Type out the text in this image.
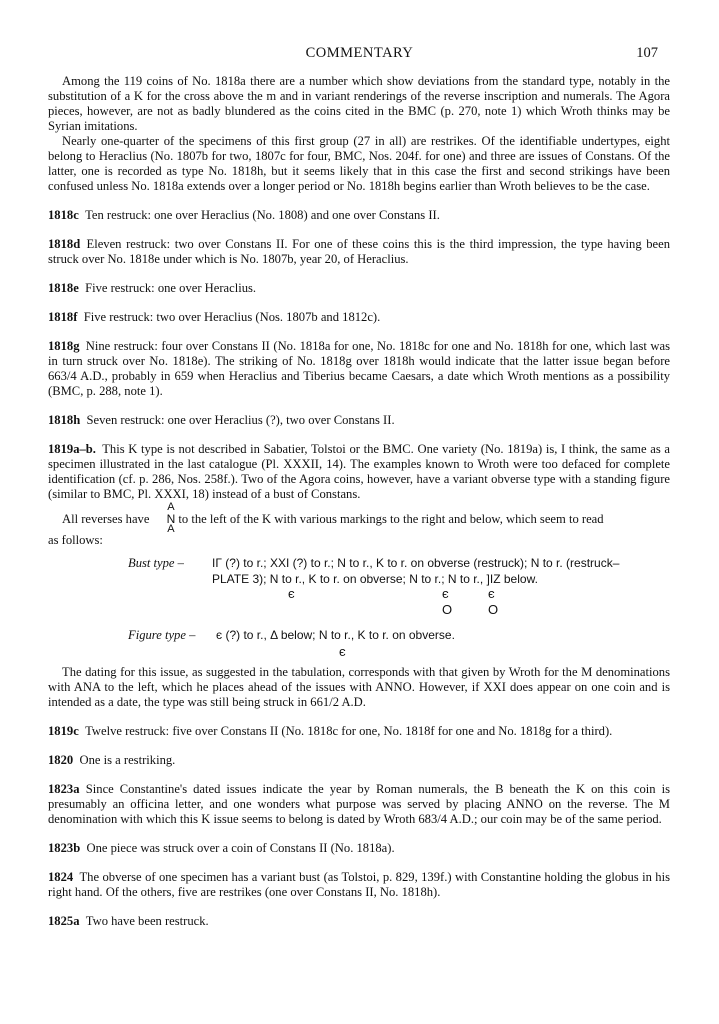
COMMENTARY	107

Among the 119 coins of No. 1818a there are a number which show deviations from the standard type, notably in the substitution of a K for the cross above the m and in variant renderings of the reverse inscription and numerals. The Agora pieces, however, are not as badly blundered as the coins cited in the BMC (p. 270, note 1) which Wroth thinks may be Syrian imitations.

Nearly one-quarter of the specimens of this first group (27 in all) are restrikes. Of the identifiable undertypes, eight belong to Heraclius (No. 1807b for two, 1807c for four, BMC, Nos. 204f. for one) and three are issues of Constans. Of the latter, one is recorded as type No. 1818h, but it seems likely that in this case the first and second strikings have been confused unless No. 1818a extends over a longer period or No. 1818h begins earlier than Wroth believes to be the case.

1818c  Ten restruck: one over Heraclius (No. 1808) and one over Constans II.

1818d  Eleven restruck: two over Constans II. For one of these coins this is the third impression, the type having been struck over No. 1818e under which is No. 1807b, year 20, of Heraclius.

1818e  Five restruck: one over Heraclius.

1818f  Five restruck: two over Heraclius (Nos. 1807b and 1812c).

1818g  Nine restruck: four over Constans II (No. 1818a for one, No. 1818c for one and No. 1818h for one, which last was in turn struck over No. 1818e). The striking of No. 1818g over 1818h would indicate that the latter issue began before 663/4 A.D., probably in 659 when Heraclius and Tiberius became Caesars, a date which Wroth mentions as a possibility (BMC, p. 288, note 1).

1818h  Seven restruck: one over Heraclius (?), two over Constans II.

1819a–b.  This K type is not described in Sabatier, Tolstoi or the BMC. One variety (No. 1819a) is, I think, the same as a specimen illustrated in the last catalogue (Pl. XXXII, 14). The examples known to Wroth were too defaced for complete identification (cf. p. 286, Nos. 258f.). Two of the Agora coins, however, have a variant obverse type with a standing figure (similar to BMC, Pl. XXXI, 18) instead of a bust of Constans.

All reverses have
A
N
A
to the left of the K with various markings to the right and below, which seem to read

as follows:

Bust type – IΓ (?) to r.; XXI (?) to r.; N to r., K to r. on obverse (restruck); N to r. (restruck–
PLATE 3); N to r., K to r. on obverse; N to r.; N to r., ]IZ below.
є	є	є
O	O
Figure type – є (?) to r., Δ below; N to r., K to r. on obverse.
є

The dating for this issue, as suggested in the tabulation, corresponds with that given by Wroth for the M denominations with ANA to the left, which he places ahead of the issues with ANNO. However, if XXI does appear on one coin and is intended as a date, the type was still being struck in 661/2 A.D.

1819c  Twelve restruck: five over Constans II (No. 1818c for one, No. 1818f for one and No. 1818g for a third).

1820  One is a restriking.

1823a  Since Constantine's dated issues indicate the year by Roman numerals, the B beneath the K on this coin is presumably an officina letter, and one wonders what purpose was served by placing ANNO on the reverse. The M denomination with which this K issue seems to belong is dated by Wroth 683/4 A.D.; our coin may be of the same period.

1823b  One piece was struck over a coin of Constans II (No. 1818a).

1824  The obverse of one specimen has a variant bust (as Tolstoi, p. 829, 139f.) with Constantine holding the globus in his right hand. Of the others, five are restrikes (one over Constans II, No. 1818h).

1825a  Two have been restruck.
